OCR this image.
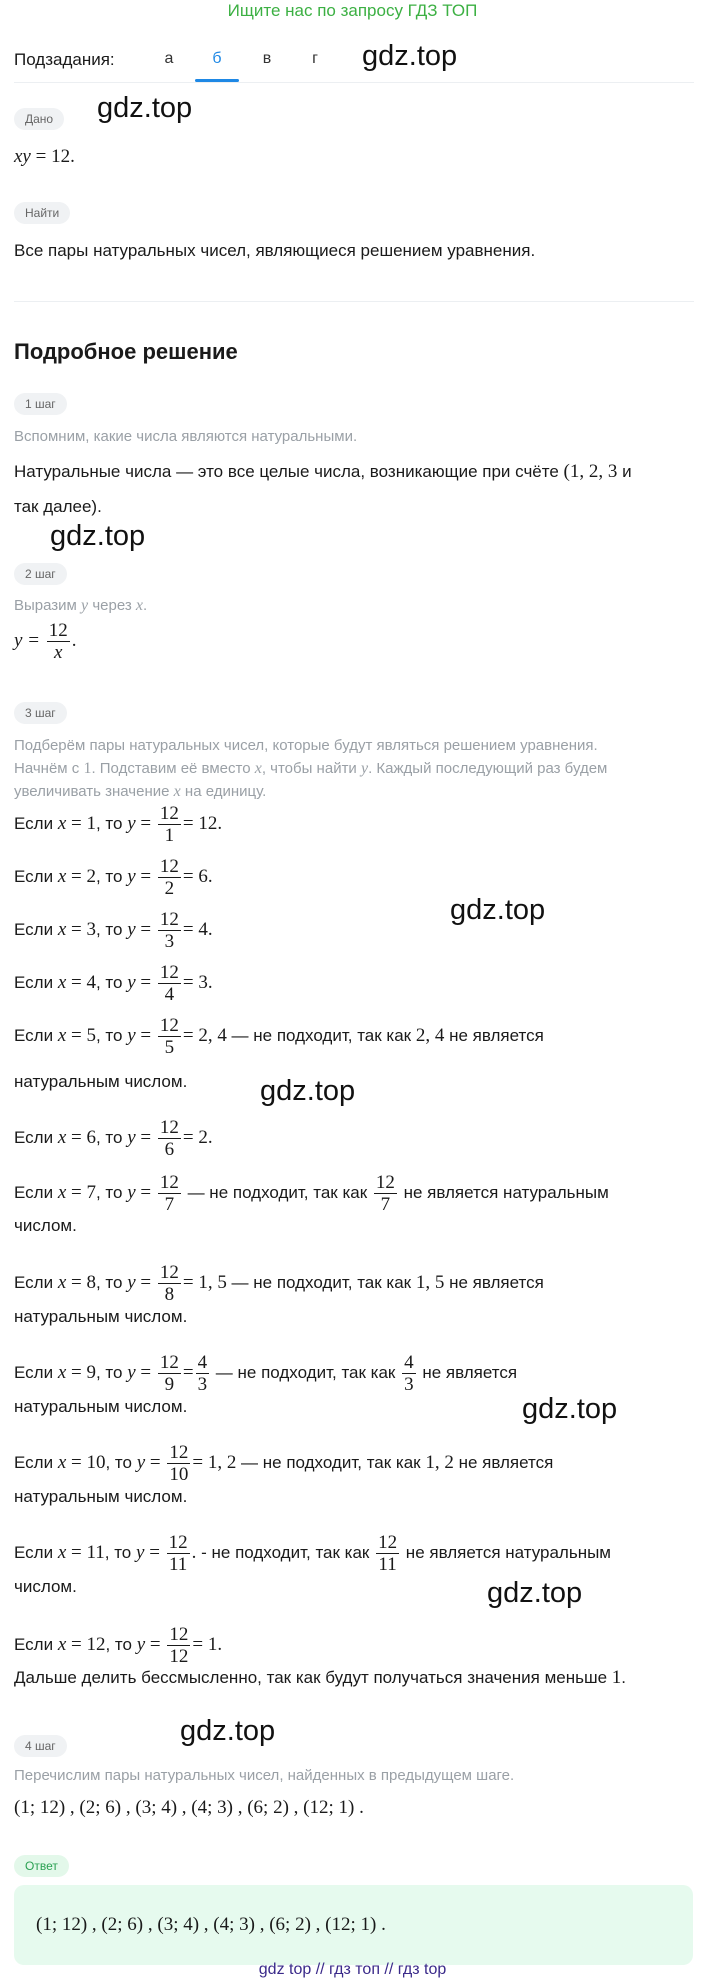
Ищите нас по запросу ГДЗ ТОП
Подзадания:	а	б	в	г	gdz.top
gdz.top
gdz.top
gdz.top
gdz.top
gdz.top
gdz.top
gdz.top
Дано
xy = 12.
Найти
Все пары натуральных чисел, являющиеся решением уравнения.
Подробное решение
1 шаг
Вспомним, какие числа являются натуральными.
Натуральные числа — это все целые числа, возникающие при счёте (1, 2, 3 и
так далее).
2 шаг
Выразим y через x.
$y = \frac{12}{x}$ .
3 шаг
Подберём пары натуральных чисел, которые будут являться решением уравнения.
Начнём с 1. Подставим её вместо x, чтобы найти y. Каждый последующий раз будем
увеличивать значение x на единицу.
Если x = 1, то $y = \frac{12}{1} = 12$.
Если x = 2, то $y = \frac{12}{2} = 6$.
Если x = 3, то $y = \frac{12}{3} = 4$.
Если x = 4, то $y = \frac{12}{4} = 3$.
Если x = 5, то $y = \frac{12}{5} = 2$, 4 — не подходит, так как 2, 4 не является
натуральным числом.
Если x = 6, то $y = \frac{12}{6} = 2$.
Если x = 7, то $y = \frac{12}{7}$ — не подходит, так как $\frac{12}{7}$ не является натуральным
числом.
Если x = 8, то $y = \frac{12}{8} = 1$, 5 — не подходит, так как 1, 5 не является
натуральным числом.
Если x = 9, то $y = \frac{12}{9} = \frac{4}{3}$ — не подходит, так как $\frac{4}{3}$ не является
натуральным числом.
Если x = 10, то $y = \frac{12}{10} = 1$, 2 — не подходит, так как 1, 2 не является
натуральным числом.
Если x = 11, то $y = \frac{12}{11}$ . - не подходит, так как $\frac{12}{11}$ не является натуральным
числом.
Если x = 12, то $y = \frac{12}{12} = 1$.
Дальше делить бессмысленно, так как будут получаться значения меньше 1.
4 шаг
Перечислим пары натуральных чисел, найденных в предыдущем шаге.
(1; 12) , (2; 6) , (3; 4) , (4; 3) , (6; 2) , (12; 1) .
Ответ
(1; 12) , (2; 6) , (3; 4) , (4; 3) , (6; 2) , (12; 1) .
gdz top // гдз топ // гдз top
